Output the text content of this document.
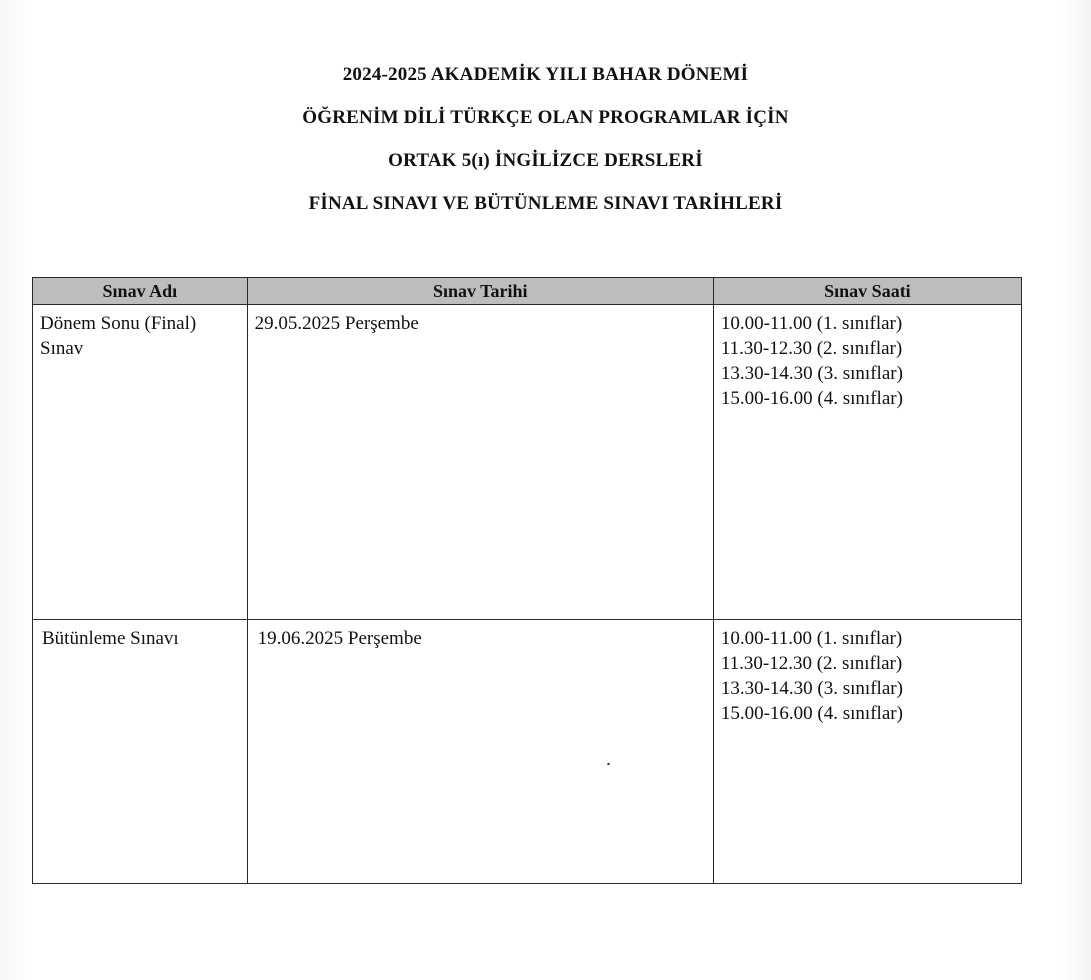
2024-2025 AKADEMİK YILI BAHAR DÖNEMİ
ÖĞRENİM DİLİ TÜRKÇE OLAN PROGRAMLAR İÇİN
ORTAK 5(ı) İNGİLİZCE DERSLERİ
FİNAL SINAVI VE BÜTÜNLEME SINAVI TARİHLERİ
Sınav Adı	Sınav Tarihi	Sınav Saati

Dönem Sonu (Final)
Sınav	29.05.2025 Perşembe	10.00-11.00 (1. sınıflar)
11.30-12.30 (2. sınıflar)
13.30-14.30 (3. sınıflar)
15.00-16.00 (4. sınıflar)

Bütünleme Sınavı	19.06.2025 Perşembe	10.00-11.00 (1. sınıflar)
11.30-12.30 (2. sınıflar)
13.30-14.30 (3. sınıflar)
15.00-16.00 (4. sınıflar)
